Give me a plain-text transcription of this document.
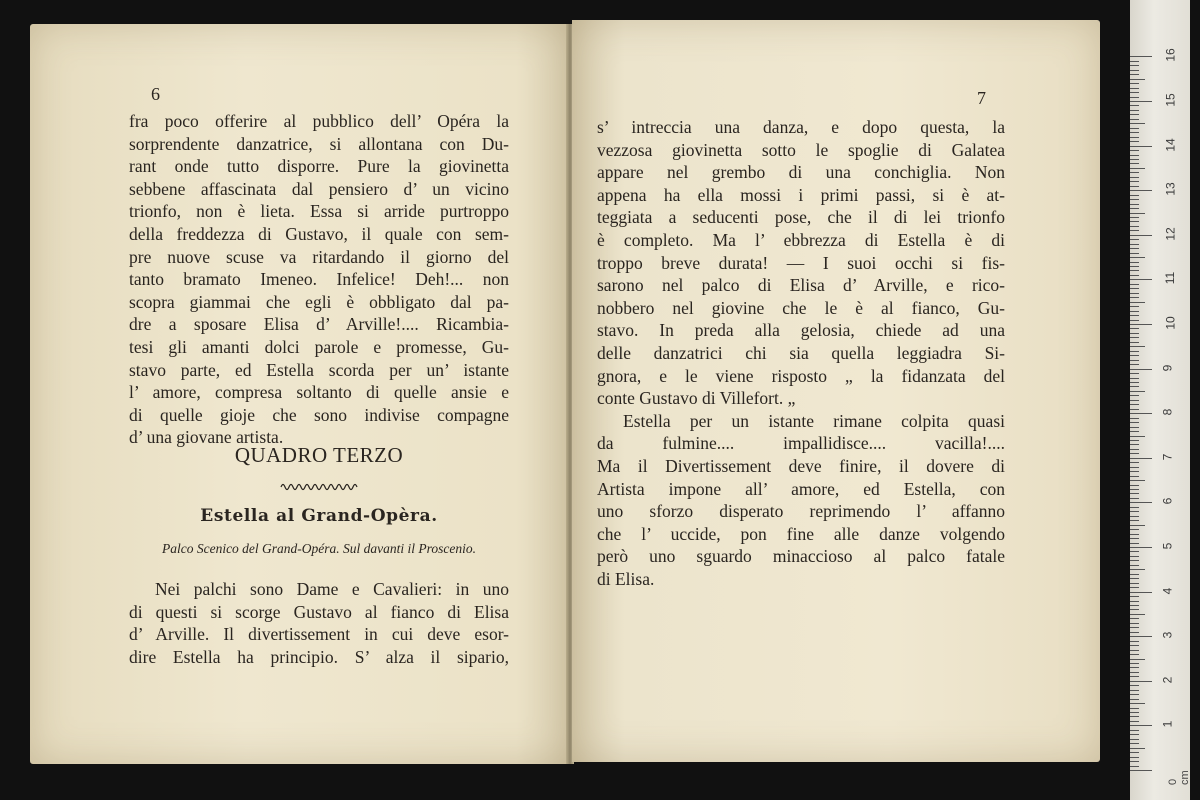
6
fra poco offerire al pubblico dell’ Opéra la
sorprendente danzatrice, si allontana con Du-
rant onde tutto disporre. Pure la giovinetta
sebbene affascinata dal pensiero d’ un vicino
trionfo, non è lieta. Essa si arride purtroppo
della freddezza di Gustavo, il quale con sem-
pre nuove scuse va ritardando il giorno del
tanto bramato Imeneo. Infelice! Deh!... non
scopra giammai che egli è obbligato dal pa-
dre a sposare Elisa d’ Arville!.... Ricambia-
tesi gli amanti dolci parole e promesse, Gu-
stavo parte, ed Estella scorda per un’ istante
l’ amore, compresa soltanto di quelle ansie e
di quelle gioje che sono indivise compagne
d’ una giovane artista.
QUADRO TERZO
Estella al Grand-Opèra.
Palco Scenico del Grand-Opéra. Sul davanti il Proscenio.
Nei palchi sono Dame e Cavalieri: in uno
di questi si scorge Gustavo al fianco di Elisa
d’ Arville. Il divertissement in cui deve esor-
dire Estella ha principio. S’ alza il sipario,
7
s’ intreccia una danza, e dopo questa, la
vezzosa giovinetta sotto le spoglie di Galatea
appare nel grembo di una conchiglia. Non
appena ha ella mossi i primi passi, si è at-
teggiata a seducenti pose, che il di lei trionfo
è completo. Ma l’ ebbrezza di Estella è di
troppo breve durata! — I suoi occhi si fis-
sarono nel palco di Elisa d’ Arville, e rico-
nobbero nel giovine che le è al fianco, Gu-
stavo. In preda alla gelosia, chiede ad una
delle danzatrici chi sia quella leggiadra Si-
gnora, e le viene risposto „ la fidanzata del
conte Gustavo di Villefort. „
Estella per un istante rimane colpita quasi
da fulmine.... impallidisce.... vacilla!....
Ma il Divertissement deve finire, il dovere di
Artista impone all’ amore, ed Estella, con
uno sforzo disperato reprimendo l’ affanno
che l’ uccide, pon fine alle danze volgendo
però uno sguardo minaccioso al palco fatale
di Elisa.
0 cm
1
2
3
4
5
6
7
8
9
10
11
12
13
14
15
16
